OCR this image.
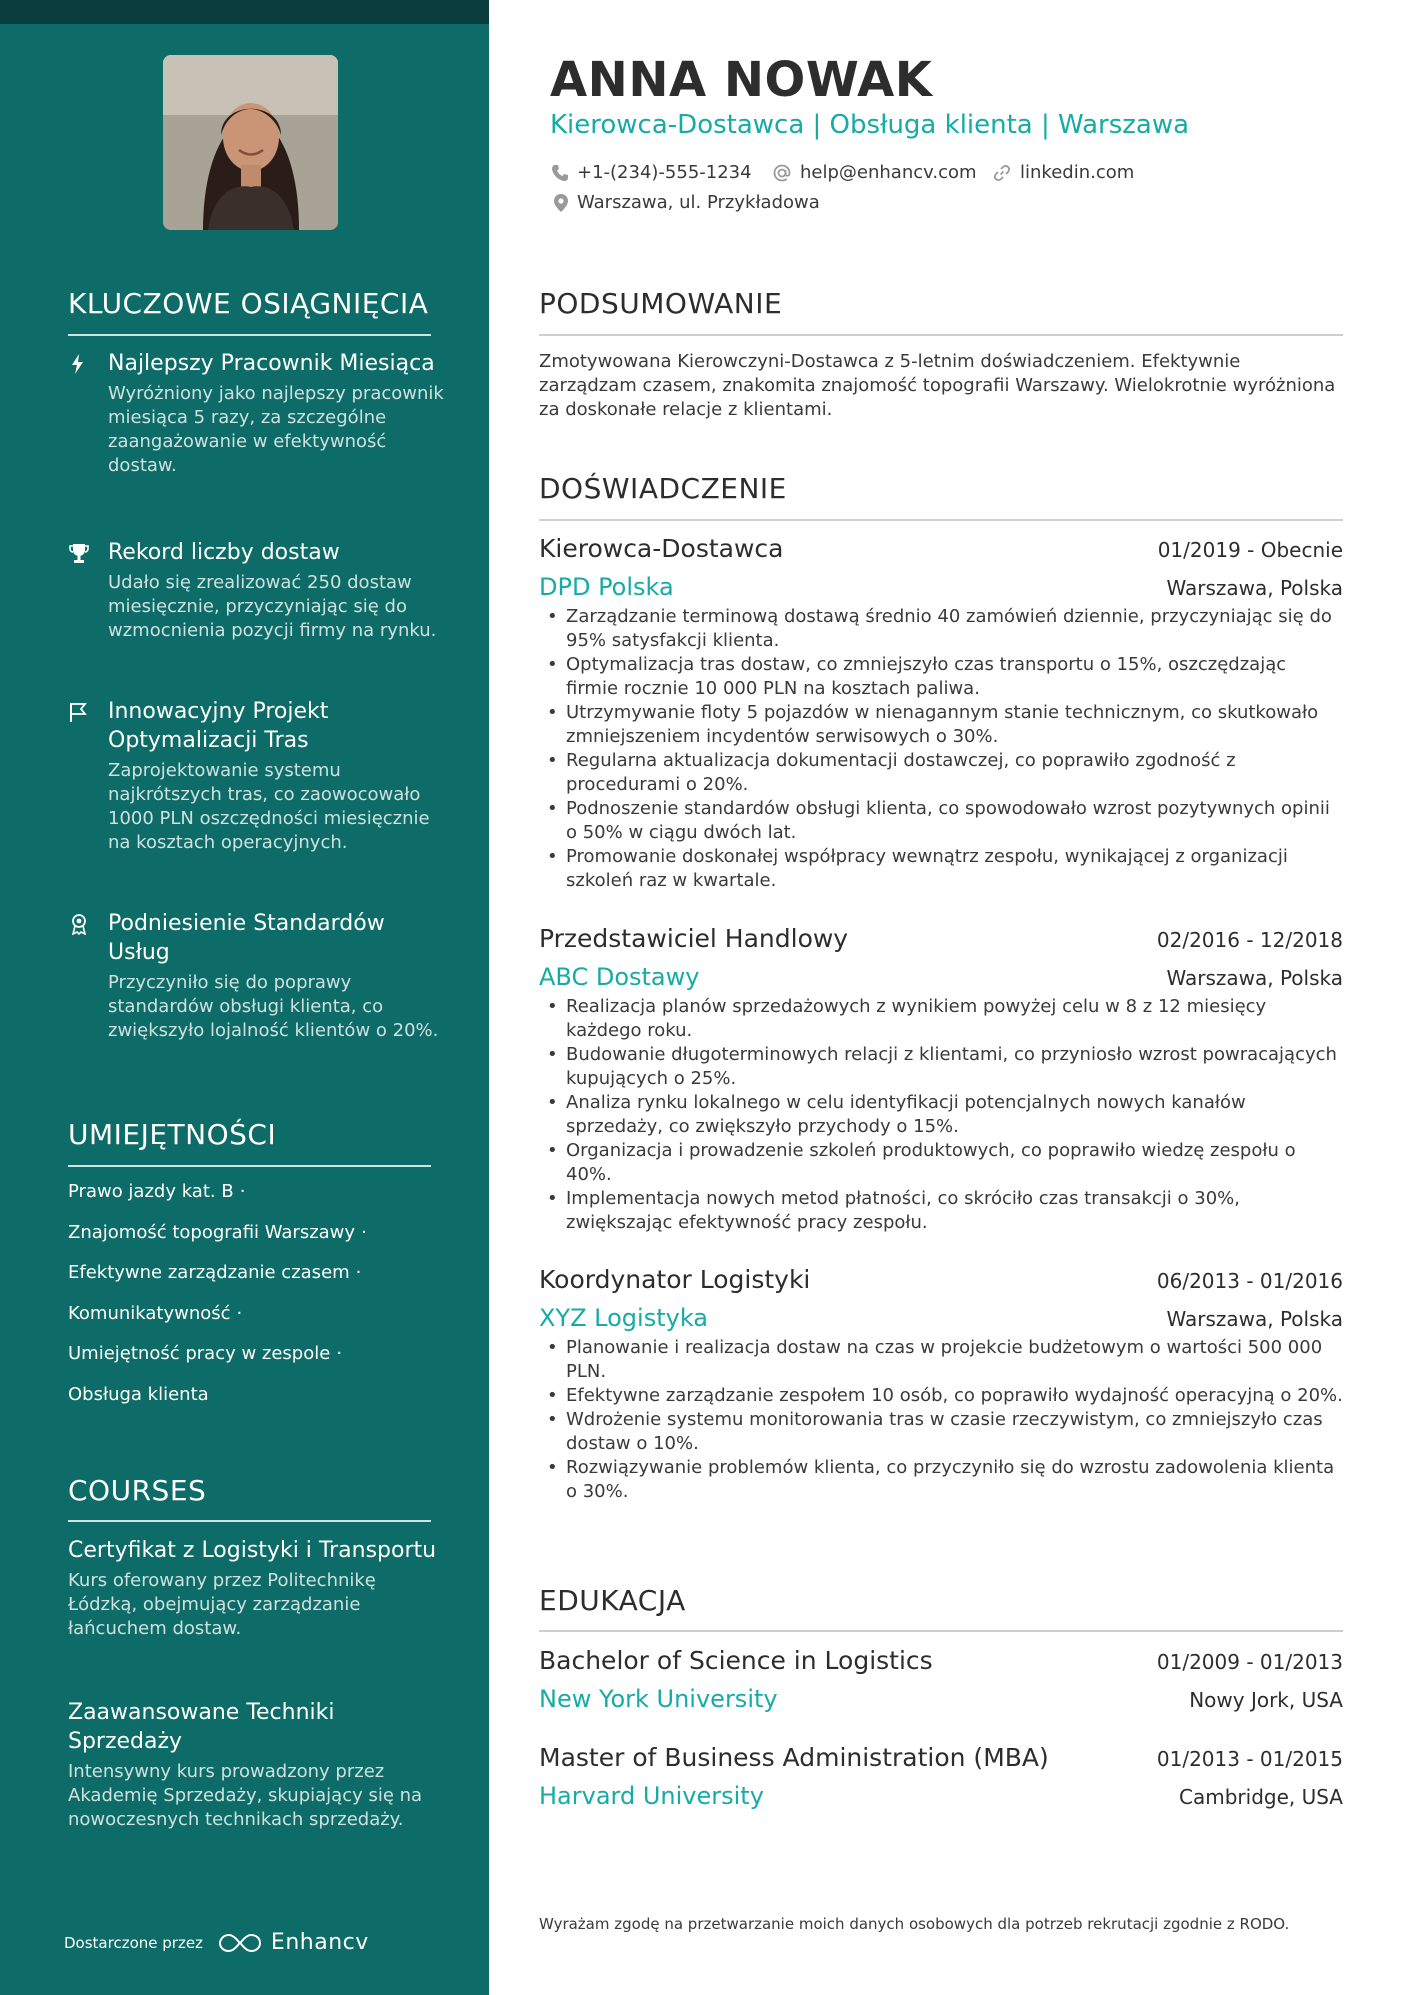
KLUCZOWE OSIĄGNIĘCIA
Najlepszy Pracownik Miesiąca
Wyróżniony jako najlepszy pracownik miesiąca 5 razy, za szczególne zaangażowanie w efektywność dostaw.
Rekord liczby dostaw
Udało się zrealizować 250 dostaw miesięcznie, przyczyniając się do wzmocnienia pozycji firmy na rynku.
Innowacyjny Projekt Optymalizacji Tras
Zaprojektowanie systemu najkrótszych tras, co zaowocowało 1000 PLN oszczędności miesięcznie na kosztach operacyjnych.
Podniesienie Standardów Usług
Przyczyniło się do poprawy standardów obsługi klienta, co zwiększyło lojalność klientów o 20%.
UMIEJĘTNOŚCI
Prawo jazdy kat. B ·
Znajomość topografii Warszawy ·
Efektywne zarządzanie czasem ·
Komunikatywność ·
Umiejętność pracy w zespole ·
Obsługa klienta
COURSES
Certyfikat z Logistyki i Transportu
Kurs oferowany przez Politechnikę Łódzką, obejmujący zarządzanie łańcuchem dostaw.
Zaawansowane Techniki Sprzedaży
Intensywny kurs prowadzony przez Akademię Sprzedaży, skupiający się na nowoczesnych technikach sprzedaży.
Dostarczone przez	Enhancv
ANNA NOWAK
Kierowca-Dostawca | Obsługa klienta | Warszawa
+1-(234)-555-1234	help@enhancv.com linkedin.com
Warszawa, ul. Przykładowa
PODSUMOWANIE
Zmotywowana Kierowczyni-Dostawca z 5-letnim doświadczeniem. Efektywnie zarządzam czasem, znakomita znajomość topografii Warszawy. Wielokrotnie wyróżniona za doskonałe relacje z klientami.
DOŚWIADCZENIE
Kierowca-Dostawca	01/2019 - Obecnie
DPD Polska	Warszawa, Polska
• Zarządzanie terminową dostawą średnio 40 zamówień dziennie, przyczyniając się do 95% satysfakcji klienta.
• Optymalizacja tras dostaw, co zmniejszyło czas transportu o 15%, oszczędzając firmie rocznie 10 000 PLN na kosztach paliwa.
• Utrzymywanie floty 5 pojazdów w nienagannym stanie technicznym, co skutkowało zmniejszeniem incydentów serwisowych o 30%.
• Regularna aktualizacja dokumentacji dostawczej, co poprawiło zgodność z procedurami o 20%.
• Podnoszenie standardów obsługi klienta, co spowodowało wzrost pozytywnych opinii o 50% w ciągu dwóch lat.
• Promowanie doskonałej współpracy wewnątrz zespołu, wynikającej z organizacji szkoleń raz w kwartale.
Przedstawiciel Handlowy	02/2016 - 12/2018
ABC Dostawy	Warszawa, Polska
• Realizacja planów sprzedażowych z wynikiem powyżej celu w 8 z 12 miesięcy każdego roku.
• Budowanie długoterminowych relacji z klientami, co przyniosło wzrost powracających kupujących o 25%.
• Analiza rynku lokalnego w celu identyfikacji potencjalnych nowych kanałów sprzedaży, co zwiększyło przychody o 15%.
• Organizacja i prowadzenie szkoleń produktowych, co poprawiło wiedzę zespołu o 40%.
• Implementacja nowych metod płatności, co skróciło czas transakcji o 30%, zwiększając efektywność pracy zespołu.
Koordynator Logistyki	06/2013 - 01/2016
XYZ Logistyka	Warszawa, Polska
• Planowanie i realizacja dostaw na czas w projekcie budżetowym o wartości 500 000 PLN.
• Efektywne zarządzanie zespołem 10 osób, co poprawiło wydajność operacyjną o 20%.
• Wdrożenie systemu monitorowania tras w czasie rzeczywistym, co zmniejszyło czas dostaw o 10%.
• Rozwiązywanie problemów klienta, co przyczyniło się do wzrostu zadowolenia klienta o 30%.
EDUKACJA
Bachelor of Science in Logistics	01/2009 - 01/2013
New York University	Nowy Jork, USA
Master of Business Administration (MBA)	01/2013 - 01/2015
Harvard University	Cambridge, USA
Wyrażam zgodę na przetwarzanie moich danych osobowych dla potrzeb rekrutacji zgodnie z RODO.
